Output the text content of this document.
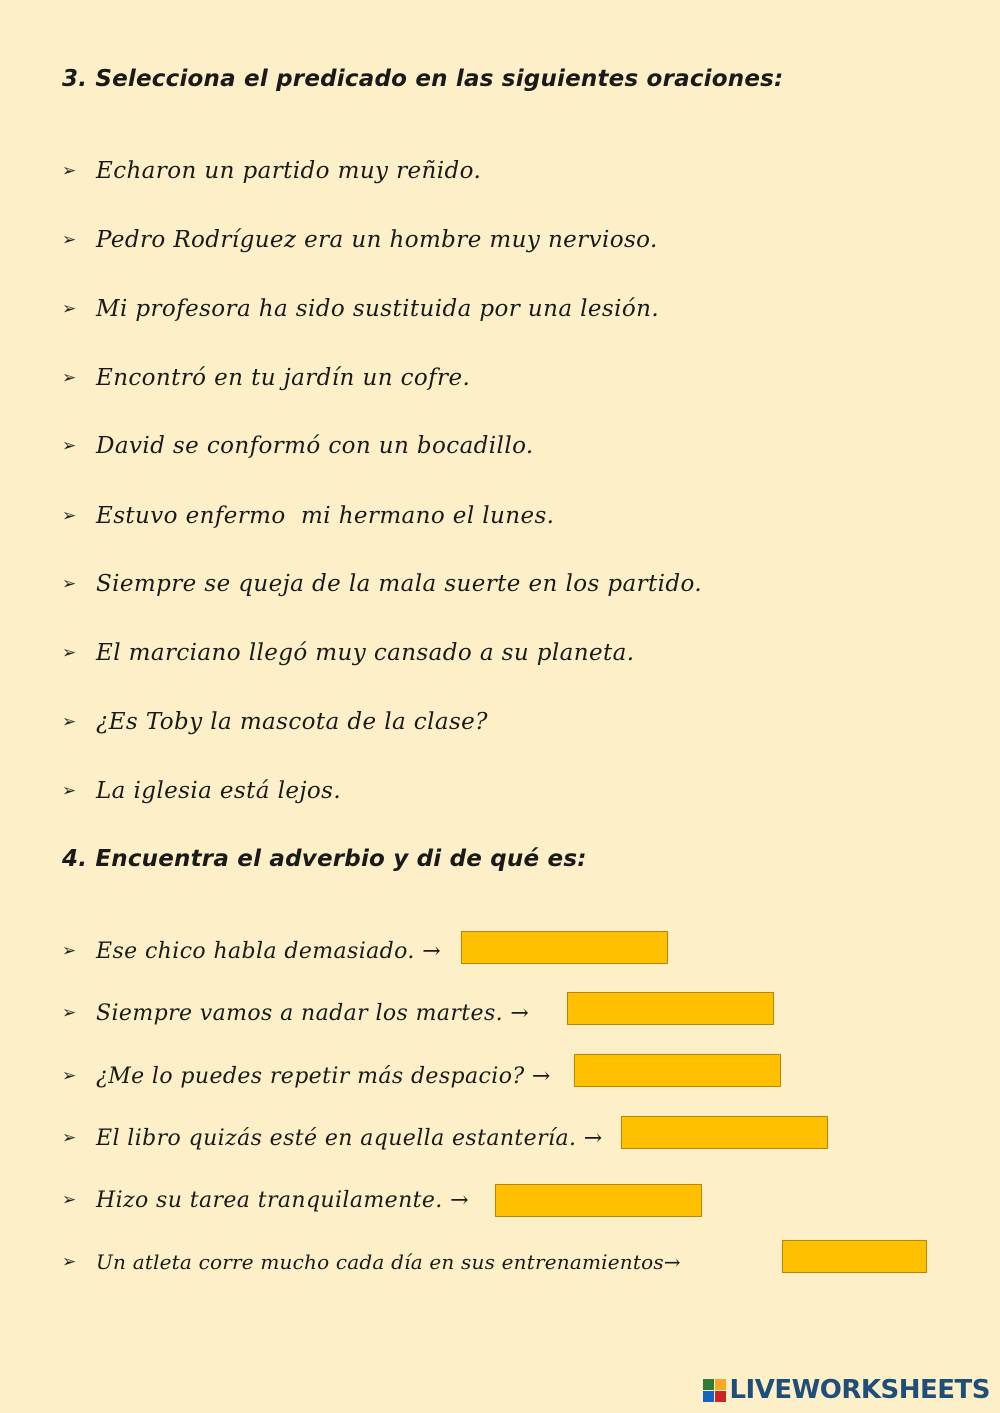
3. Selecciona el predicado en las siguientes oraciones:
➢ Echaron un partido muy reñido.
➢ Pedro Rodríguez era un hombre muy nervioso.
➢ Mi profesora ha sido sustituida por una lesión.
➢ Encontró en tu jardín un cofre.
➢ David se conformó con un bocadillo.
➢ Estuvo enfermo  mi hermano el lunes.
➢ Siempre se queja de la mala suerte en los partido.
➢ El marciano llegó muy cansado a su planeta.
➢ ¿Es Toby la mascota de la clase?
➢ La iglesia está lejos.
4. Encuentra el adverbio y di de qué es:
➢ Ese chico habla demasiado. →
➢ Siempre vamos a nadar los martes. →
➢ ¿Me lo puedes repetir más despacio? →
➢ El libro quizás esté en aquella estantería. →
➢ Hizo su tarea tranquilamente. →
➢ Un atleta corre mucho cada día en sus entrenamientos→
LIVEWORKSHEETS
